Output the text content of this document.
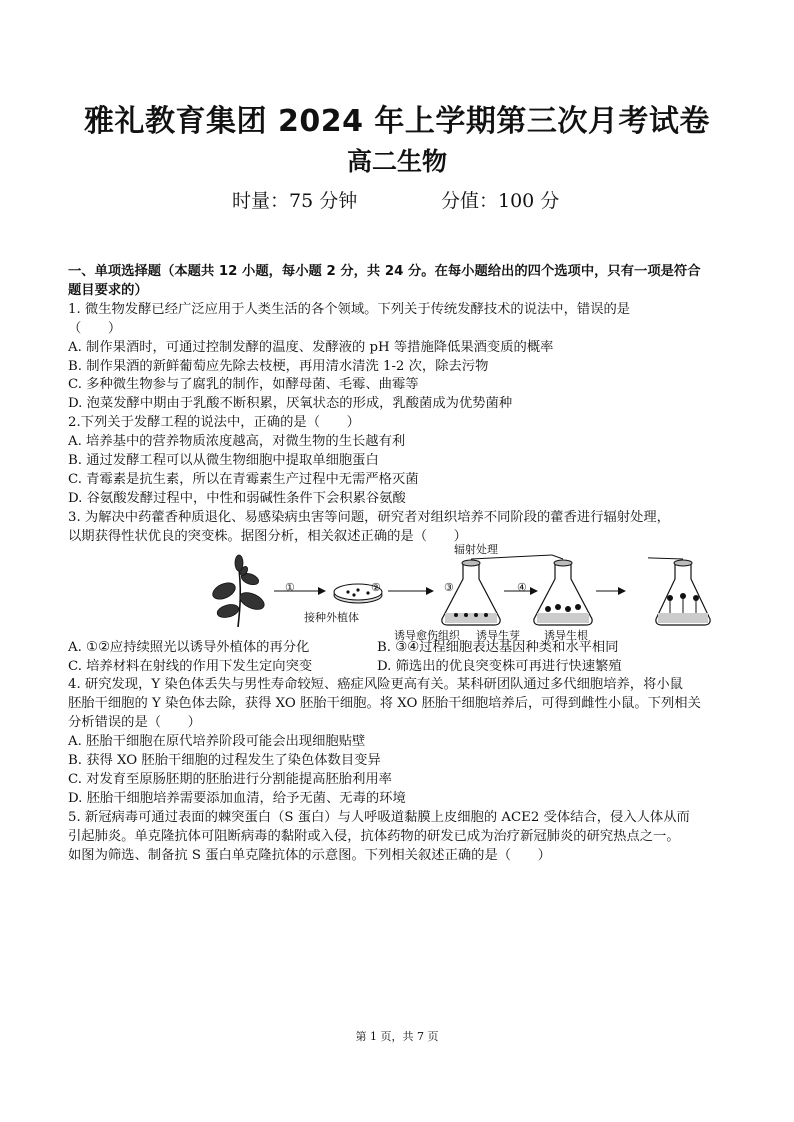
雅礼教育集团 2024 年上学期第三次月考试卷
高二生物
时量：75 分钟	分值：100 分
一、单项选择题（本题共 12 小题，每小题 2 分，共 24 分。在每小题给出的四个选项中，只有一项是符合
题目要求的）
1. 微生物发酵已经广泛应用于人类生活的各个领域。下列关于传统发酵技术的说法中，错误的是
（　　）
A. 制作果酒时，可通过控制发酵的温度、发酵液的 pH 等措施降低果酒变质的概率
B. 制作果酒的新鲜葡萄应先除去枝梗，再用清水清洗 1-2 次，除去污物
C. 多种微生物参与了腐乳的制作，如酵母菌、毛霉、曲霉等
D. 泡菜发酵中期由于乳酸不断积累，厌氧状态的形成，乳酸菌成为优势菌种
2.下列关于发酵工程的说法中，正确的是（　　）
A. 培养基中的营养物质浓度越高，对微生物的生长越有利
B. 通过发酵工程可以从微生物细胞中提取单细胞蛋白
C. 青霉素是抗生素，所以在青霉素生产过程中无需严格灭菌
D. 谷氨酸发酵过程中，中性和弱碱性条件下会积累谷氨酸
3. 为解决中药藿香种质退化、易感染病虫害等问题，研究者对组织培养不同阶段的藿香进行辐射处理，
以期获得性状优良的突变株。据图分析，相关叙述正确的是（　　）
辐射处理
①	②	③	④
接种外植体
诱导愈伤组织 诱导生芽 诱导生根
A. ①②应持续照光以诱导外植体的再分化	B. ③④过程细胞表达基因种类和水平相同
C. 培养材料在射线的作用下发生定向突变	D. 筛选出的优良突变株可再进行快速繁殖
4. 研究发现，Y 染色体丢失与男性寿命较短、癌症风险更高有关。某科研团队通过多代细胞培养，将小鼠
胚胎干细胞的 Y 染色体去除，获得 XO 胚胎干细胞。将 XO 胚胎干细胞培养后，可得到雌性小鼠。下列相关
分析错误的是（　　）
A. 胚胎干细胞在原代培养阶段可能会出现细胞贴壁
B. 获得 XO 胚胎干细胞的过程发生了染色体数目变异
C. 对发育至原肠胚期的胚胎进行分割能提高胚胎利用率
D. 胚胎干细胞培养需要添加血清，给予无菌、无毒的环境
5. 新冠病毒可通过表面的棘突蛋白（S 蛋白）与人呼吸道黏膜上皮细胞的 ACE2 受体结合，侵入人体从而
引起肺炎。单克隆抗体可阻断病毒的黏附或入侵，抗体药物的研发已成为治疗新冠肺炎的研究热点之一。
如图为筛选、制备抗 S 蛋白单克隆抗体的示意图。下列相关叙述正确的是（　　）
第 1 页，共 7 页
